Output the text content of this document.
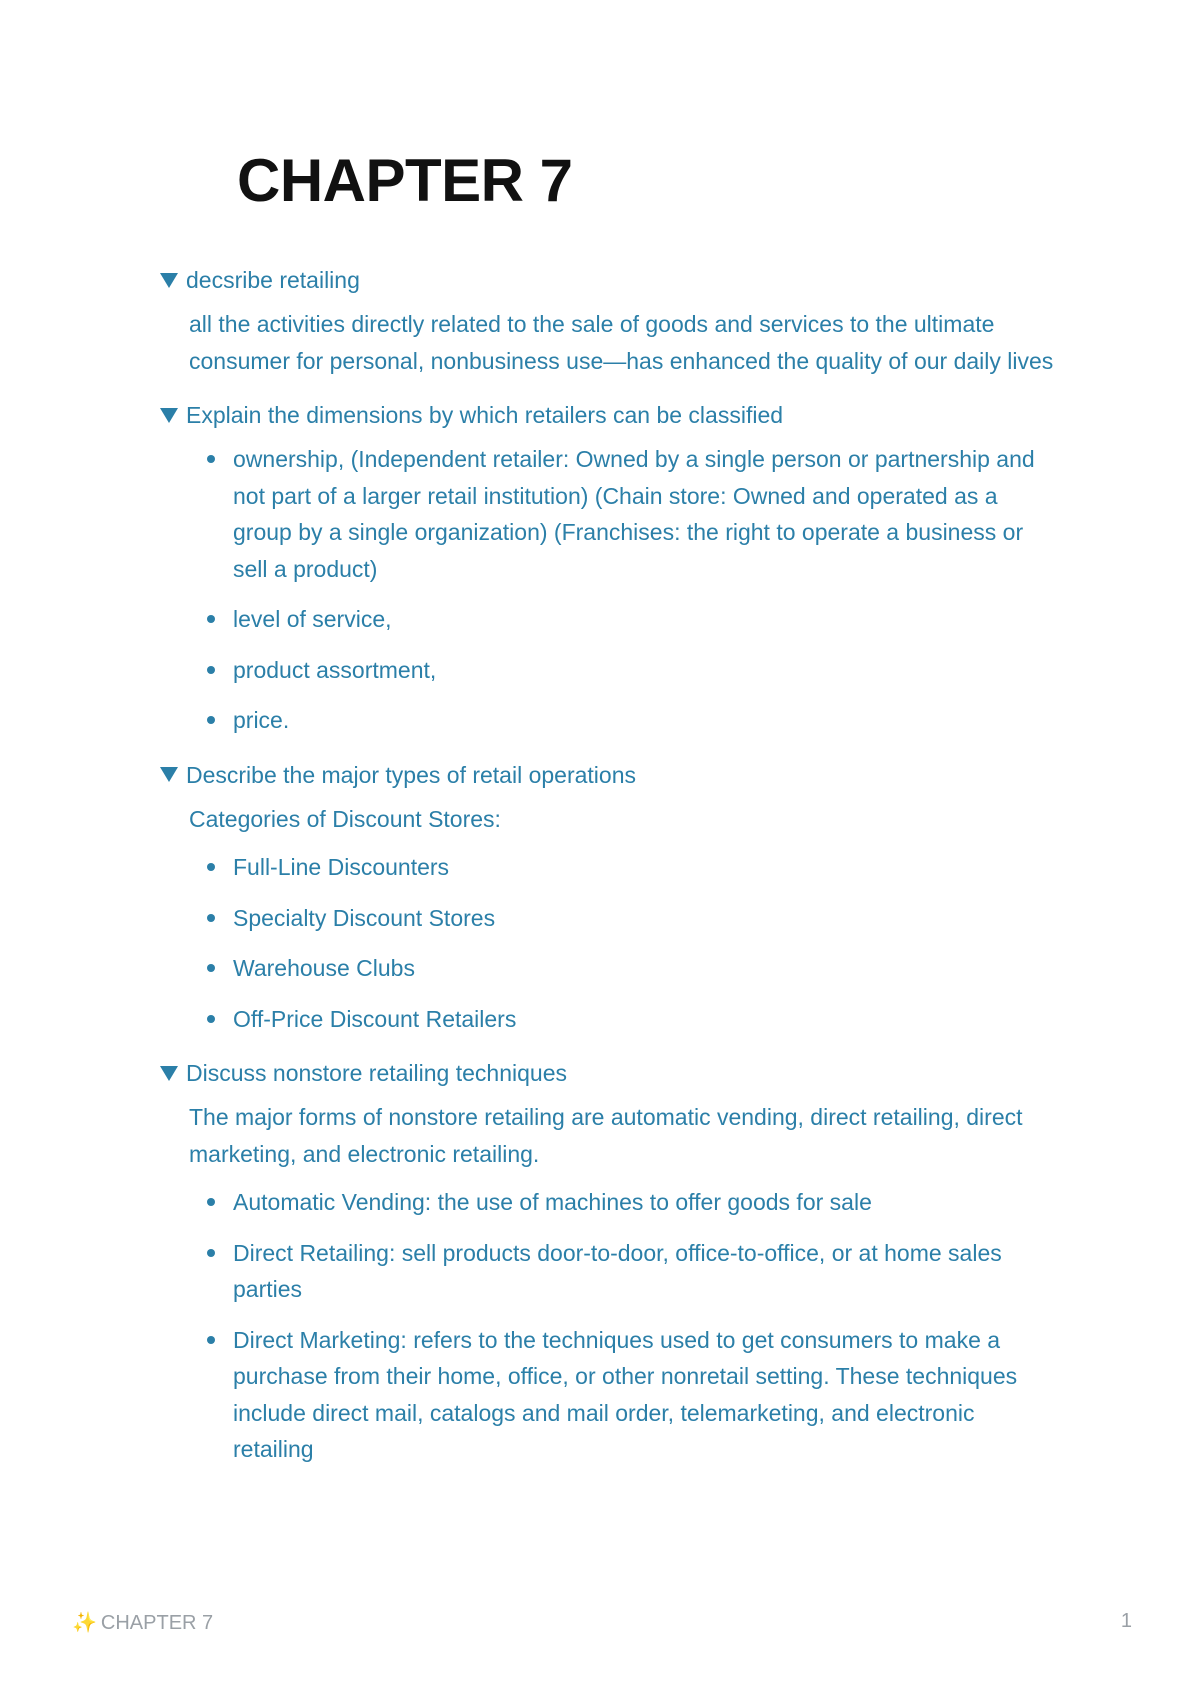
CHAPTER 7
decsribe retailing

all the activities directly related to the sale of goods and services to the ultimate consumer for personal, nonbusiness use—has enhanced the quality of our daily lives

Explain the dimensions by which retailers can be classified
ownership, (Independent retailer: Owned by a single person or partnership and not part of a larger retail institution) (Chain store: Owned and operated as a group by a single organization) (Franchises: the right to operate a business or sell a product)
level of service,
product assortment,
price.
Describe the major types of retail operations

Categories of Discount Stores:

Full-Line Discounters
Specialty Discount Stores
Warehouse Clubs
Off-Price Discount Retailers
Discuss nonstore retailing techniques

The major forms of nonstore retailing are automatic vending, direct retailing, direct marketing, and electronic retailing.

Automatic Vending: the use of machines to offer goods for sale
Direct Retailing: sell products door-to-door, office-to-office, or at home sales parties
Direct Marketing: refers to the techniques used to get consumers to make a purchase from their home, office, or other nonretail setting. These techniques include direct mail, catalogs and mail order, telemarketing, and electronic retailing
✨ CHAPTER 7	1
